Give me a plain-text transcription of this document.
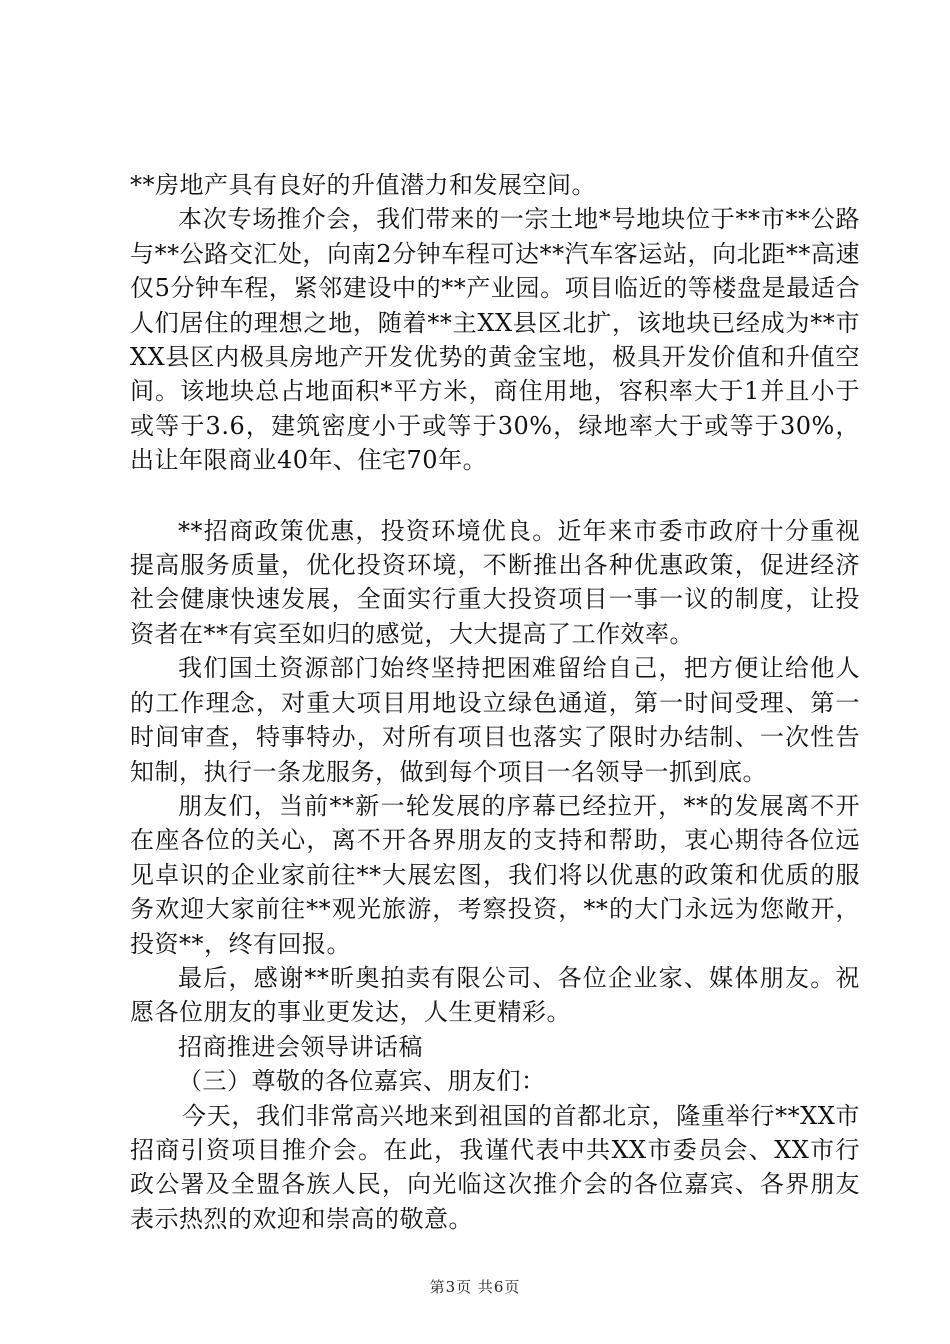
**房地产具有良好的升值潜力和发展空间。

本次专场推介会，我们带来的一宗土地*号地块位于**市**公路与**公路交汇处，向南2分钟车程可达**汽车客运站，向北距**高速仅5分钟车程，紧邻建设中的**产业园。项目临近的等楼盘是最适合人们居住的理想之地，随着**主XX县区北扩，该地块已经成为**市XX县区内极具房地产开发优势的黄金宝地，极具开发价值和升值空间。该地块总占地面积*平方米，商住用地，容积率大于1并且小于或等于3.6，建筑密度小于或等于30%，绿地率大于或等于30%，出让年限商业40年、住宅70年。

**招商政策优惠，投资环境优良。近年来市委市政府十分重视提高服务质量，优化投资环境，不断推出各种优惠政策，促进经济社会健康快速发展，全面实行重大投资项目一事一议的制度，让投资者在**有宾至如归的感觉，大大提高了工作效率。

我们国土资源部门始终坚持把困难留给自己，把方便让给他人的工作理念，对重大项目用地设立绿色通道，第一时间受理、第一时间审查，特事特办，对所有项目也落实了限时办结制、一次性告知制，执行一条龙服务，做到每个项目一名领导一抓到底。

朋友们，当前**新一轮发展的序幕已经拉开，**的发展离不开在座各位的关心，离不开各界朋友的支持和帮助，衷心期待各位远见卓识的企业家前往**大展宏图，我们将以优惠的政策和优质的服务欢迎大家前往**观光旅游，考察投资，**的大门永远为您敞开，投资**，终有回报。

最后，感谢**昕奥拍卖有限公司、各位企业家、媒体朋友。祝愿各位朋友的事业更发达，人生更精彩。

招商推进会领导讲话稿

（三）尊敬的各位嘉宾、朋友们：

今天，我们非常高兴地来到祖国的首都北京，隆重举行**XX市招商引资项目推介会。在此，我谨代表中共XX市委员会、XX市行政公署及全盟各族人民，向光临这次推介会的各位嘉宾、各界朋友表示热烈的欢迎和崇高的敬意。

第3页 共6页
